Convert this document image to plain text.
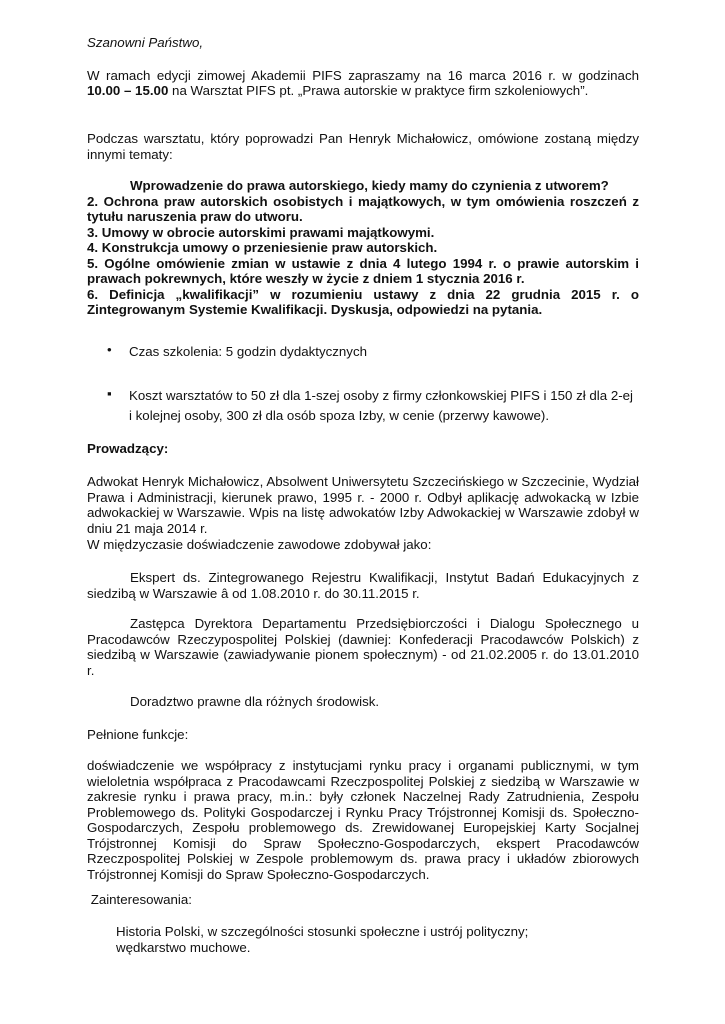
Szanowni Państwo,

W ramach edycji zimowej Akademii PIFS zapraszamy na 16 marca 2016 r. w godzinach 10.00 – 15.00 na Warsztat PIFS pt. „Prawa autorskie w praktyce firm szkoleniowych”.

Podczas warsztatu, który poprowadzi Pan Henryk Michałowicz, omówione zostaną między innymi tematy:

Wprowadzenie do prawa autorskiego, kiedy mamy do czynienia z utworem?
2. Ochrona praw autorskich osobistych i majątkowych, w tym omówienia roszczeń z tytułu naruszenia praw do utworu.
3. Umowy w obrocie autorskimi prawami majątkowymi.
4. Konstrukcja umowy o przeniesienie praw autorskich.
5. Ogólne omówienie zmian w ustawie z dnia 4 lutego 1994 r. o prawie autorskim i prawach pokrewnych, które weszły w życie z dniem 1 stycznia 2016 r.
6. Definicja „kwalifikacji” w rozumieniu ustawy z dnia 22 grudnia 2015 r. o Zintegrowanym Systemie Kwalifikacji. Dyskusja, odpowiedzi na pytania.
• Czas szkolenia: 5 godzin dydaktycznych
▪ Koszt warsztatów to 50 zł dla 1-szej osoby z firmy członkowskiej PIFS i 150 zł dla 2-ej i kolejnej osoby, 300 zł dla osób spoza Izby, w cenie (przerwy kawowe).

Prowadzący:

Adwokat Henryk Michałowicz, Absolwent Uniwersytetu Szczecińskiego w Szczecinie, Wydział Prawa i Administracji, kierunek prawo, 1995 r. - 2000 r. Odbył aplikację adwokacką w Izbie adwokackiej w Warszawie. Wpis na listę adwokatów Izby Adwokackiej w Warszawie zdobył w dniu 21 maja 2014 r.

W międzyczasie doświadczenie zawodowe zdobywał jako:

Ekspert ds. Zintegrowanego Rejestru Kwalifikacji, Instytut Badań Edukacyjnych z siedzibą w Warszawie â od 1.08.2010 r. do 30.11.2015 r.

Zastępca Dyrektora Departamentu Przedsiębiorczości i Dialogu Społecznego u Pracodawców Rzeczypospolitej Polskiej (dawniej: Konfederacji Pracodawców Polskich) z siedzibą w Warszawie (zawiadywanie pionem społecznym) - od 21.02.2005 r. do 13.01.2010 r.

Doradztwo prawne dla różnych środowisk.

Pełnione funkcje:

doświadczenie we współpracy z instytucjami rynku pracy i organami publicznymi, w tym wieloletnia współpraca z Pracodawcami Rzeczpospolitej Polskiej z siedzibą w Warszawie w zakresie rynku i prawa pracy, m.in.: były członek Naczelnej Rady Zatrudnienia, Zespołu Problemowego ds. Polityki Gospodarczej i Rynku Pracy Trójstronnej Komisji ds. Społeczno-Gospodarczych, Zespołu problemowego ds. Zrewidowanej Europejskiej Karty Socjalnej Trójstronnej Komisji do Spraw Społeczno-Gospodarczych, ekspert Pracodawców Rzeczpospolitej Polskiej w Zespole problemowym ds. prawa pracy i układów zbiorowych Trójstronnej Komisji do Spraw Społeczno-Gospodarczych.

Zainteresowania:

Historia Polski, w szczególności stosunki społeczne i ustrój polityczny;
wędkarstwo muchowe.
